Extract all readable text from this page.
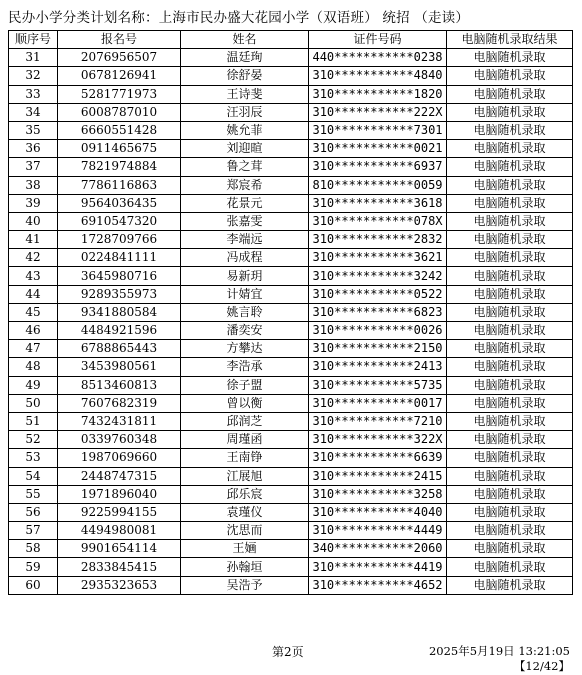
民办小学分类计划名称：上海市民办盛大花园小学（双语班） 统招 （走读）
顺序号	报名号	姓名	证件号码	电脑随机录取结果
31	2076956507	温廷珣	440***********0238	电脑随机录取
32	0678126941	徐舒晏	310***********4840	电脑随机录取
33	5281771973	王诗斐	310***********1820	电脑随机录取
34	6008787010	汪羽辰	310***********222X	电脑随机录取
35	6660551428	姚允菲	310***********7301	电脑随机录取
36	0911465675	刘迎暄	310***********0021	电脑随机录取
37	7821974884	鲁之茸	310***********6937	电脑随机录取
38	7786116863	郑宸希	810***********0059	电脑随机录取
39	9564036435	花景元	310***********3618	电脑随机录取
40	6910547320	张嘉雯	310***********078X	电脑随机录取
41	1728709766	李端远	310***********2832	电脑随机录取
42	0224841111	冯成程	310***********3621	电脑随机录取
43	3645980716	易新玥	310***********3242	电脑随机录取
44	9289355973	计婧宜	310***********0522	电脑随机录取
45	9341880584	姚言聆	310***********6823	电脑随机录取
46	4484921596	潘奕安	310***********0026	电脑随机录取
47	6788865443	方攀达	310***********2150	电脑随机录取
48	3453980561	李浩承	310***********2413	电脑随机录取
49	8513460813	徐子盟	310***********5735	电脑随机录取
50	7607682319	曾以衡	310***********0017	电脑随机录取
51	7432431811	邱润芝	310***********7210	电脑随机录取
52	0339760348	周瑾函	310***********322X	电脑随机录取
53	1987069660	王南铮	310***********6639	电脑随机录取
54	2448747315	江展旭	310***********2415	电脑随机录取
55	1971896040	邱乐宸	310***********3258	电脑随机录取
56	9225994155	袁瑾仪	310***********4040	电脑随机录取
57	4494980081	沈思而	310***********4449	电脑随机录取
58	9901654114	王婳	340***********2060	电脑随机录取
59	2833845415	孙翰垣	310***********4419	电脑随机录取
60	2935323653	吴浩予	310***********4652	电脑随机录取
第2页	2025年5月19日 13:21:05
【12/42】
